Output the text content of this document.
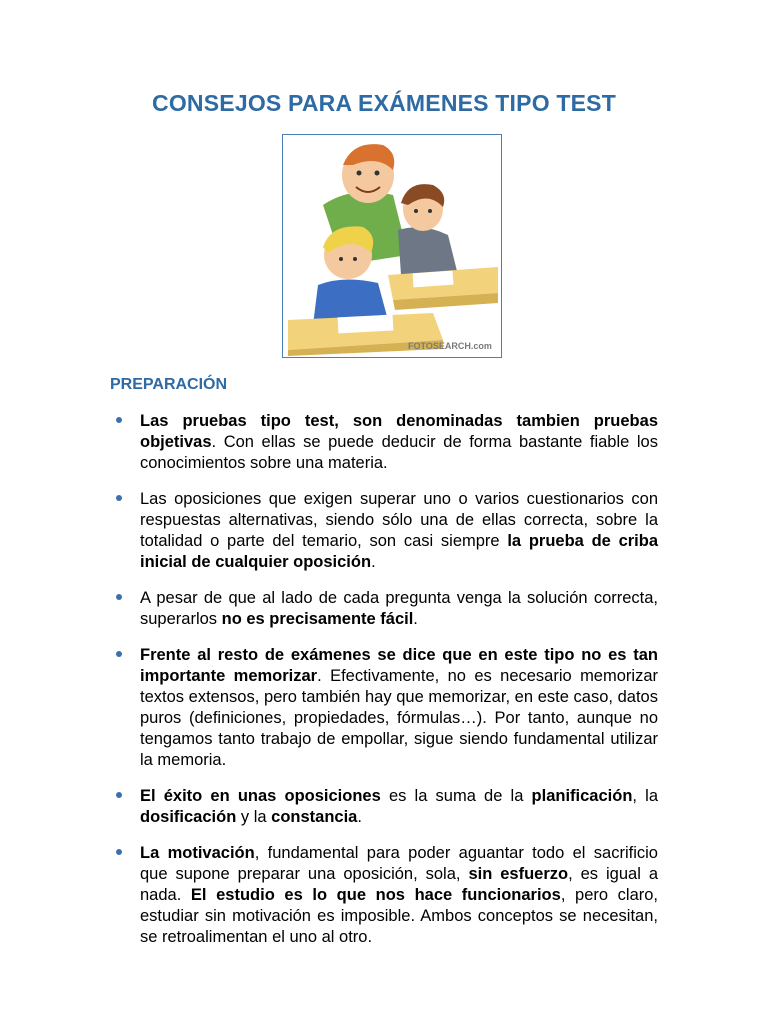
CONSEJOS PARA EXÁMENES TIPO TEST
FOTOSEARCH.com
PREPARACIÓN
Las pruebas tipo test, son denominadas tambien pruebas objetivas. Con ellas se puede deducir de forma bastante fiable los conocimientos sobre una materia.
Las oposiciones que exigen superar uno o varios cuestionarios con respuestas alternativas, siendo sólo una de ellas correcta, sobre la totalidad o parte del temario, son casi siempre la prueba de criba inicial de cualquier oposición.
A pesar de que al lado de cada pregunta venga la solución correcta, superarlos no es precisamente fácil.
Frente al resto de exámenes se dice que en este tipo no es tan importante memorizar. Efectivamente, no es necesario memorizar textos extensos, pero también hay que memorizar, en este caso, datos puros (definiciones, propiedades, fórmulas…). Por tanto, aunque no tengamos tanto trabajo de empollar, sigue siendo fundamental utilizar la memoria.
El éxito en unas oposiciones es la suma de la planificación, la dosificación y la constancia.
La motivación, fundamental para poder aguantar todo el sacrificio que supone preparar una oposición, sola, sin esfuerzo, es igual a nada. El estudio es lo que nos hace funcionarios, pero claro, estudiar sin motivación es imposible. Ambos conceptos se necesitan, se retroalimentan el uno al otro.
